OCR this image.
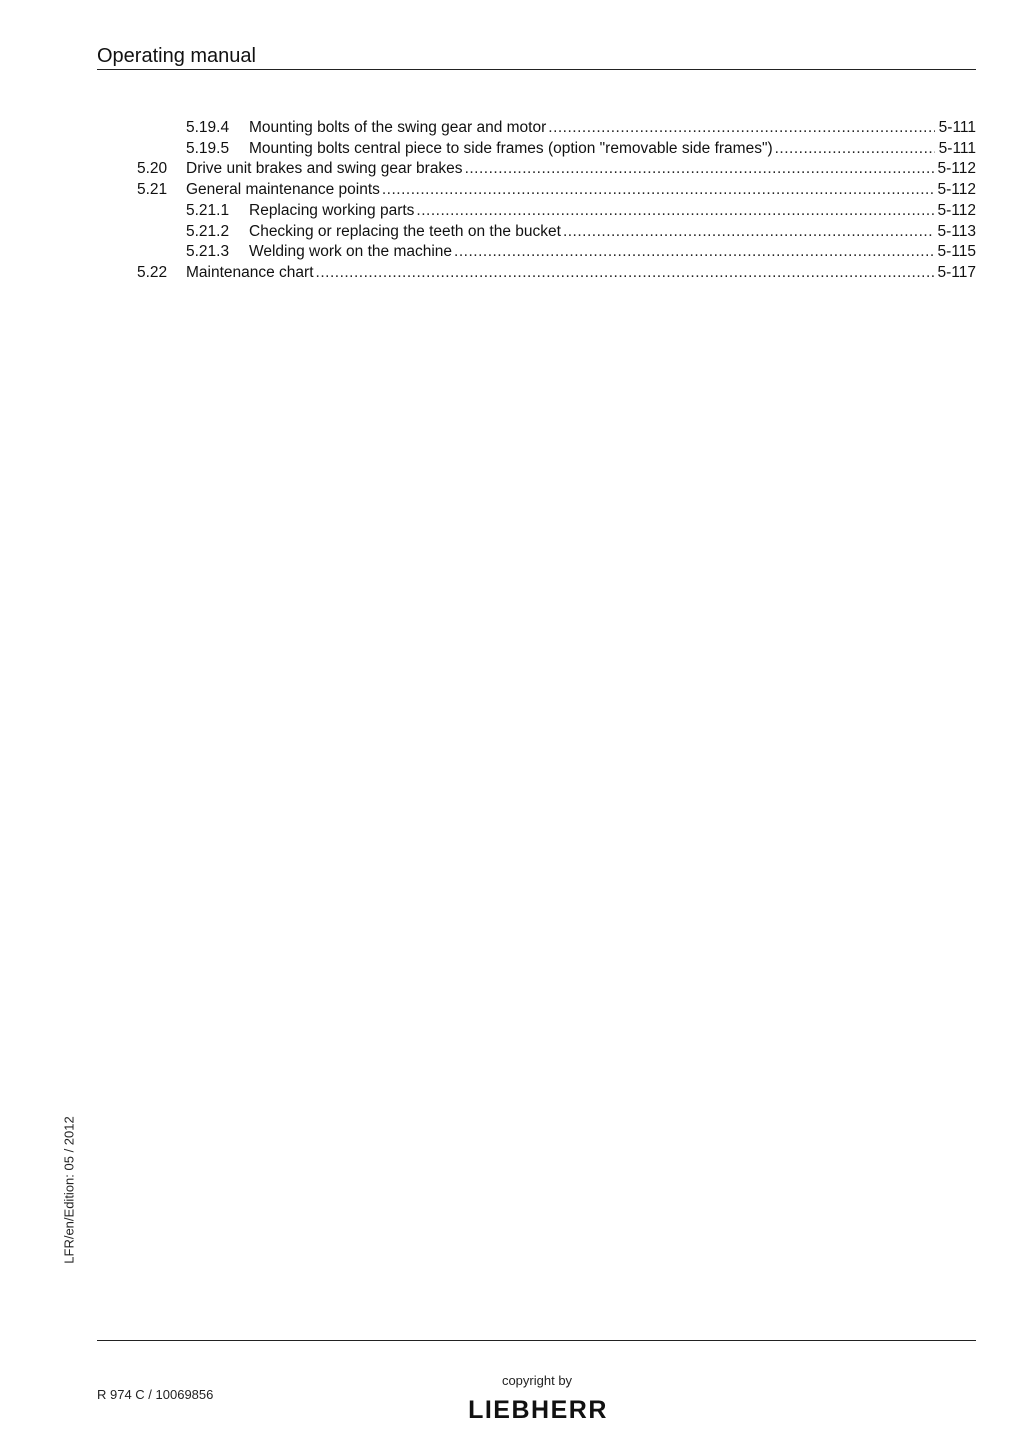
Operating manual
5.19.4 Mounting bolts of the swing gear and motor .....	5-111
5.19.5 Mounting bolts central piece to side frames (option "removable side frames") .....	5-111
5.20 Drive unit brakes and swing gear brakes .....	5-112
5.21 General maintenance points .....	5-112
5.21.1 Replacing working parts .....	5-112
5.21.2 Checking or replacing the teeth on the bucket .....	5-113
5.21.3 Welding work on the machine .....	5-115
5.22 Maintenance chart .....	5-117
LFR/en/Edition: 05 / 2012
R 974 C / 10069856
copyright by
LIEBHERR
